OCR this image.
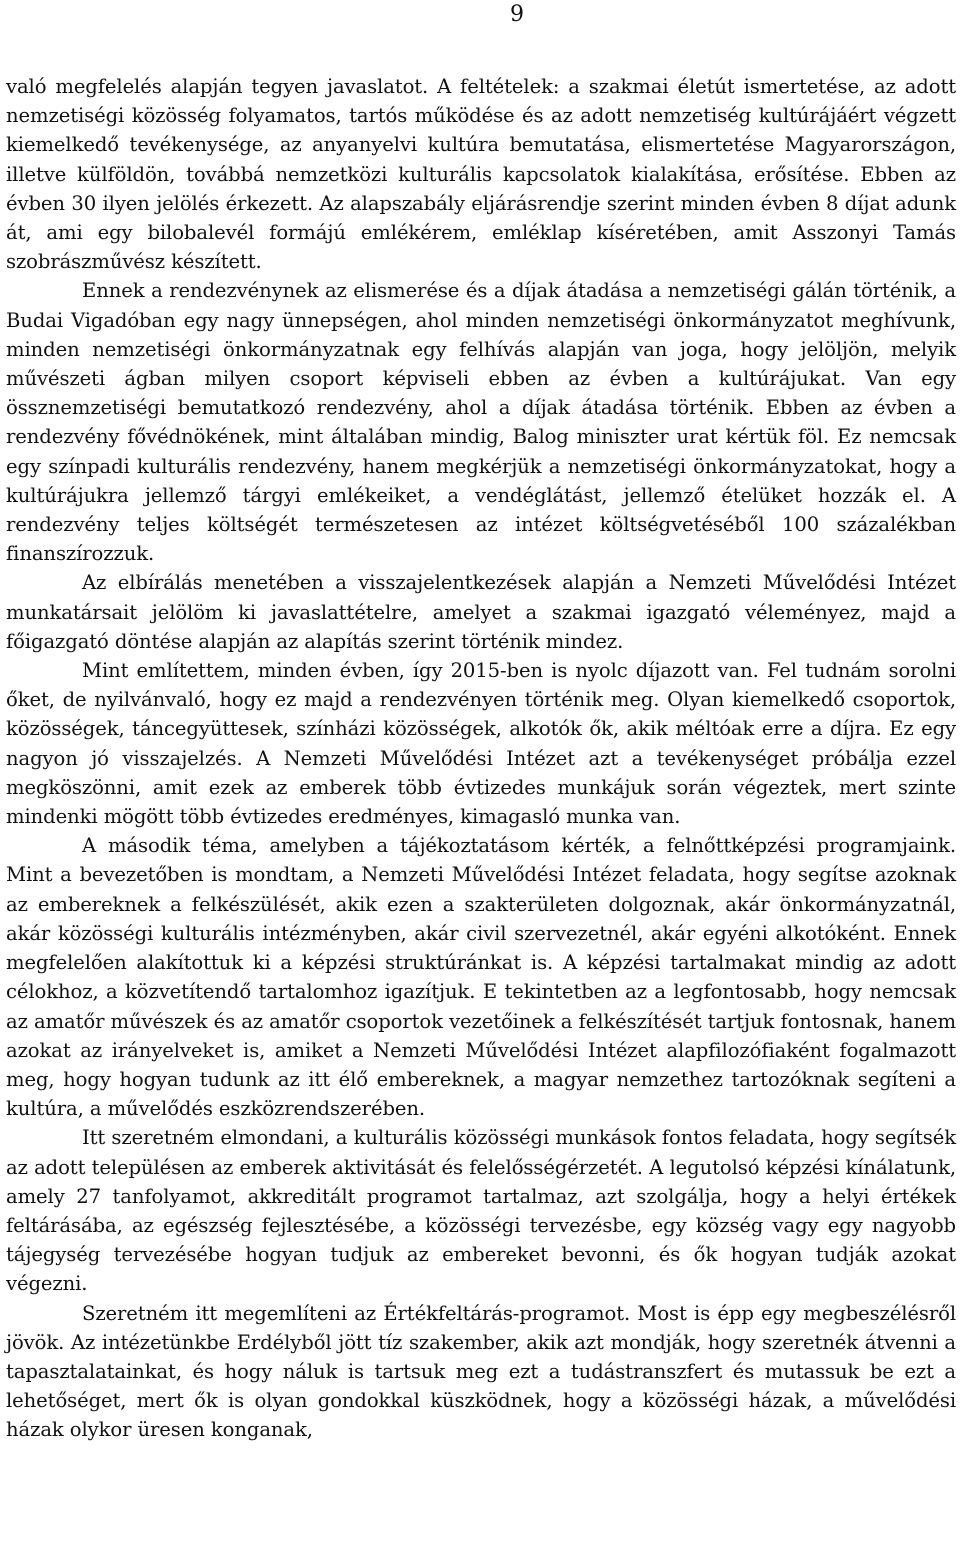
9

való megfelelés alapján tegyen javaslatot. A feltételek: a szakmai életút ismertetése, az adott nemzetiségi közösség folyamatos, tartós működése és az adott nemzetiség kultúrájáért végzett kiemelkedő tevékenysége, az anyanyelvi kultúra bemutatása, elismertetése Magyarországon, illetve külföldön, továbbá nemzetközi kulturális kapcsolatok kialakítása, erősítése. Ebben az évben 30 ilyen jelölés érkezett. Az alapszabály eljárásrendje szerint minden évben 8 díjat adunk át, ami egy bilobalevél formájú emlékérem, emléklap kíséretében, amit Asszonyi Tamás szobrászművész készített.

Ennek a rendezvénynek az elismerése és a díjak átadása a nemzetiségi gálán történik, a Budai Vigadóban egy nagy ünnepségen, ahol minden nemzetiségi önkormányzatot meghívunk, minden nemzetiségi önkormányzatnak egy felhívás alapján van joga, hogy jelöljön, melyik művészeti ágban milyen csoport képviseli ebben az évben a kultúrájukat. Van egy össznemzetiségi bemutatkozó rendezvény, ahol a díjak átadása történik. Ebben az évben a rendezvény fővédnökének, mint általában mindig, Balog miniszter urat kértük föl. Ez nemcsak egy színpadi kulturális rendezvény, hanem megkérjük a nemzetiségi önkormányzatokat, hogy a kultúrájukra jellemző tárgyi emlékeiket, a vendéglátást, jellemző ételüket hozzák el. A rendezvény teljes költségét természetesen az intézet költségvetéséből 100 százalékban finanszírozzuk.

Az elbírálás menetében a visszajelentkezések alapján a Nemzeti Művelődési Intézet munkatársait jelölöm ki javaslattételre, amelyet a szakmai igazgató véleményez, majd a főigazgató döntése alapján az alapítás szerint történik mindez.

Mint említettem, minden évben, így 2015-ben is nyolc díjazott van. Fel tudnám sorolni őket, de nyilvánvaló, hogy ez majd a rendezvényen történik meg. Olyan kiemelkedő csoportok, közösségek, táncegyüttesek, színházi közösségek, alkotók ők, akik méltóak erre a díjra. Ez egy nagyon jó visszajelzés. A Nemzeti Művelődési Intézet azt a tevékenységet próbálja ezzel megköszönni, amit ezek az emberek több évtizedes munkájuk során végeztek, mert szinte mindenki mögött több évtizedes eredményes, kimagasló munka van.

A második téma, amelyben a tájékoztatásom kérték, a felnőttképzési programjaink. Mint a bevezetőben is mondtam, a Nemzeti Művelődési Intézet feladata, hogy segítse azoknak az embereknek a felkészülését, akik ezen a szakterületen dolgoznak, akár önkormányzatnál, akár közösségi kulturális intézményben, akár civil szervezetnél, akár egyéni alkotóként. Ennek megfelelően alakítottuk ki a képzési struktúránkat is. A képzési tartalmakat mindig az adott célokhoz, a közvetítendő tartalomhoz igazítjuk. E tekintetben az a legfontosabb, hogy nemcsak az amatőr művészek és az amatőr csoportok vezetőinek a felkészítését tartjuk fontosnak, hanem azokat az irányelveket is, amiket a Nemzeti Művelődési Intézet alapfilozófiaként fogalmazott meg, hogy hogyan tudunk az itt élő embereknek, a magyar nemzethez tartozóknak segíteni a kultúra, a művelődés eszközrendszerében.

Itt szeretném elmondani, a kulturális közösségi munkások fontos feladata, hogy segítsék az adott településen az emberek aktivitását és felelősségérzetét. A legutolsó képzési kínálatunk, amely 27 tanfolyamot, akkreditált programot tartalmaz, azt szolgálja, hogy a helyi értékek feltárásába, az egészség fejlesztésébe, a közösségi tervezésbe, egy község vagy egy nagyobb tájegység tervezésébe hogyan tudjuk az embereket bevonni, és ők hogyan tudják azokat végezni.

Szeretném itt megemlíteni az Értékfeltárás-programot. Most is épp egy megbeszélésről jövök. Az intézetünkbe Erdélyből jött tíz szakember, akik azt mondják, hogy szeretnék átvenni a tapasztalatainkat, és hogy náluk is tartsuk meg ezt a tudástranszfert és mutassuk be ezt a lehetőséget, mert ők is olyan gondokkal küszködnek, hogy a közösségi házak, a művelődési házak olykor üresen konganak,
